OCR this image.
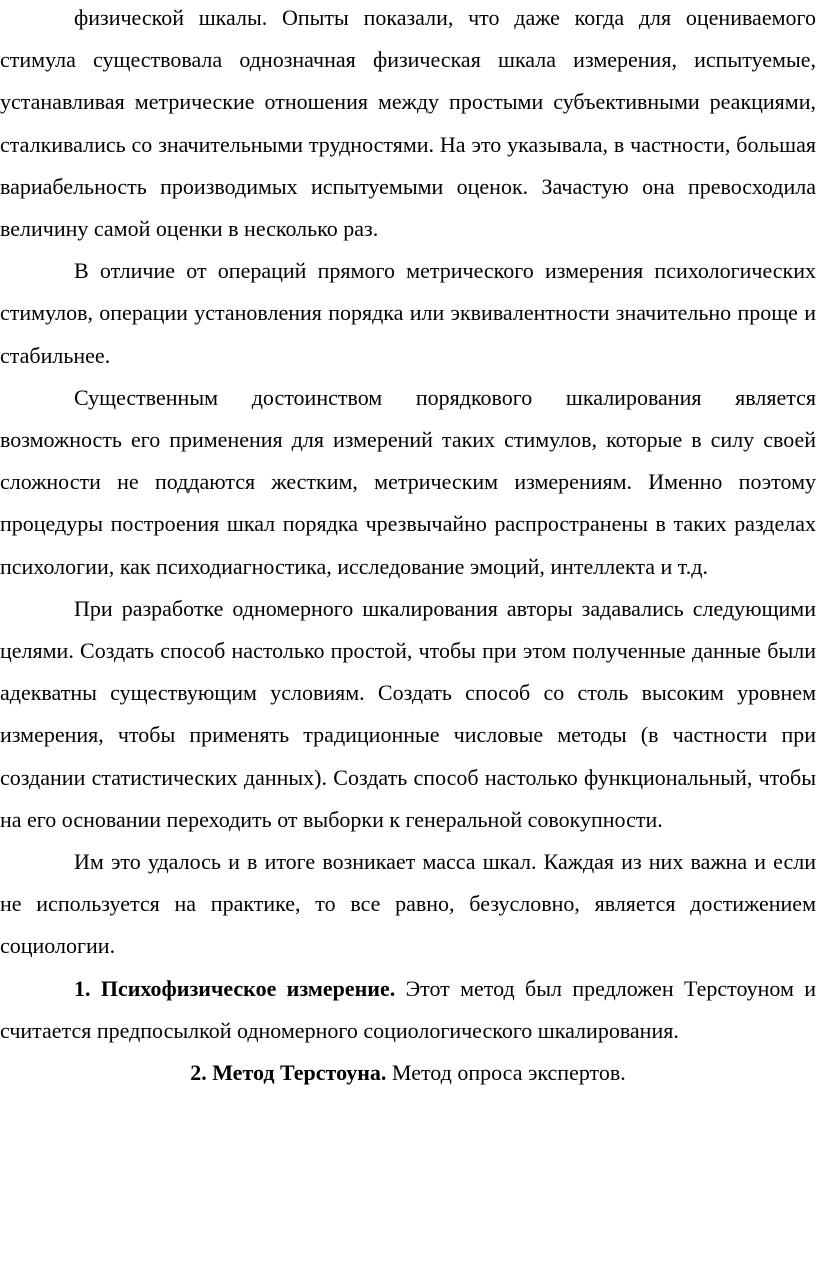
физической шкалы. Опыты показали, что даже когда для оцениваемого стимула существовала однозначная физическая шкала измерения, испытуемые, устанавливая метрические отношения между простыми субъективными реакциями, сталкивались со значительными трудностями. На это указывала, в частности, большая вариабельность производимых испытуемыми оценок. Зачастую она превосходила величину самой оценки в несколько раз.

В отличие от операций прямого метрического измерения психологических стимулов, операции установления порядка или эквивалентности значительно проще и стабильнее.

Существенным достоинством порядкового шкалирования является возможность его применения для измерений таких стимулов, которые в силу своей сложности не поддаются жестким, метрическим измерениям. Именно поэтому процедуры построения шкал порядка чрезвычайно распространены в таких разделах психологии, как психодиагностика, исследование эмоций, интеллекта и т.д.

При разработке одномерного шкалирования авторы задавались следующими целями. Создать способ настолько простой, чтобы при этом полученные данные были адекватны существующим условиям. Создать способ со столь высоким уровнем измерения, чтобы применять традиционные числовые методы (в частности при создании статистических данных). Создать способ настолько функциональный, чтобы на его основании переходить от выборки к генеральной совокупности.

Им это удалось и в итоге возникает масса шкал. Каждая из них важна и если не используется на практике, то все равно, безусловно, является достижением социологии.

1. Психофизическое измерение. Этот метод был предложен Терстоуном и считается предпосылкой одномерного социологического шкалирования.

2. Метод Терстоуна. Метод опроса экспертов.
